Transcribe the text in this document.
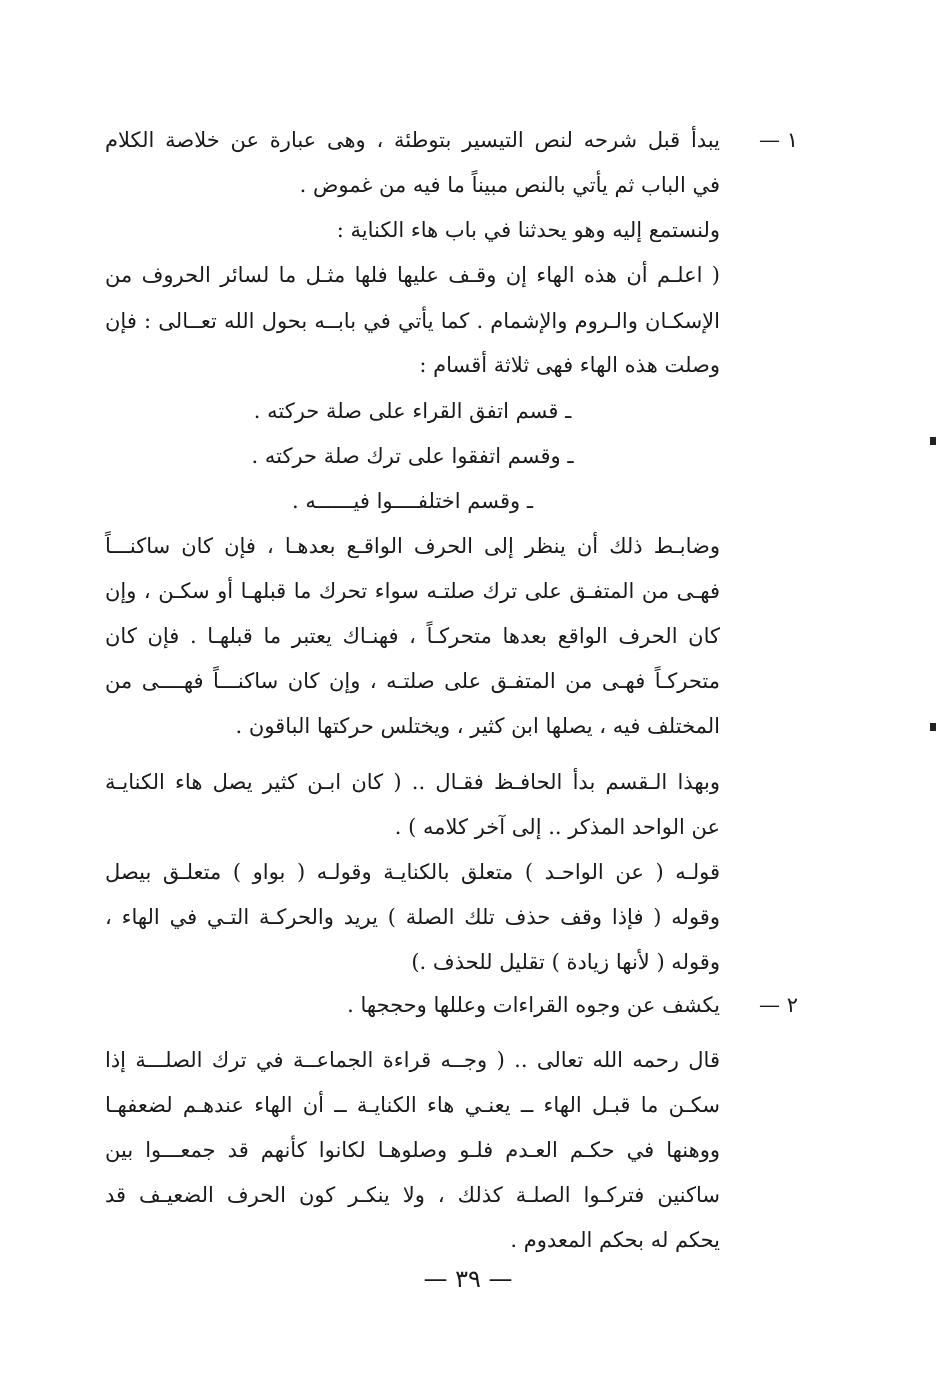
١ —
يبدأ قبل شرحه لنص التيسير بتوطئة ، وهى عبارة عن خلاصة الكلام
في الباب ثم يأتي بالنص مبيناً ما فيه من غموض .
ولنستمع إليه وهو يحدثنا في باب هاء الكناية :
( اعلـم أن هذه الهاء إن وقـف عليها فلها مثـل ما لسائر الحروف من
الإسكـان والـروم والإشمام . كما يأتي في بابــه بحول الله تعــالى : فإن
وصلت هذه الهاء فهى ثلاثة أقسام :
ـ قسم اتفق القراء على صلة حركته .
ـ وقسم اتفقوا على ترك صلة حركته .
ـ وقسم اختلفــــوا فيــــــه .
وضابـط ذلك أن ينظر إلى الحرف الواقـع بعدهـا ، فإن كان ساكنـــاً
فهـى من المتفـق على ترك صلتـه سواء تحرك ما قبلهـا أو سكـن ، وإن
كان الحرف الواقع بعدها متحركـاً ، فهنـاك يعتبر ما قبلهـا . فإن كان
متحركـاً فهـى من المتفـق على صلتـه ، وإن كان ساكنـــاً فهــــى من
المختلف فيه ، يصلها ابن كثير ، ويختلس حركتها الباقون .
وبهذا الـقسم بدأ الحافـظ فقـال .. ( كان ابـن كثير يصل هاء الكنايـة
عن الواحد المذكر .. إلى آخر كلامه ) .
قولـه ( عن الواحـد ) متعلق بالكنايـة وقولـه ( بواو ) متعلـق بيصل
وقوله ( فإذا وقف حذف تلك الصلة ) يريد والحركـة التـي في الهاء ،
وقوله ( لأنها زيادة ) تقليل للحذف .)
٢ —
يكشف عن وجوه القراءات وعللها وحججها .
قال رحمه الله تعالى .. ( وجــه قراءة الجماعــة في ترك الصلـــة إذا
سكـن ما قبـل الهاء ــ يعنـي هاء الكنايـة ــ أن الهاء عندهـم لضعفهـا
ووهنها في حكـم العـدم فلـو وصلوهـا لكانوا كأنهم قد جمعـــوا بين
ساكنين فتركـوا الصلـة كذلك ، ولا ينكـر كون الحرف الضعيـف قد
يحكم له بحكم المعدوم .
— ٣٩ —
